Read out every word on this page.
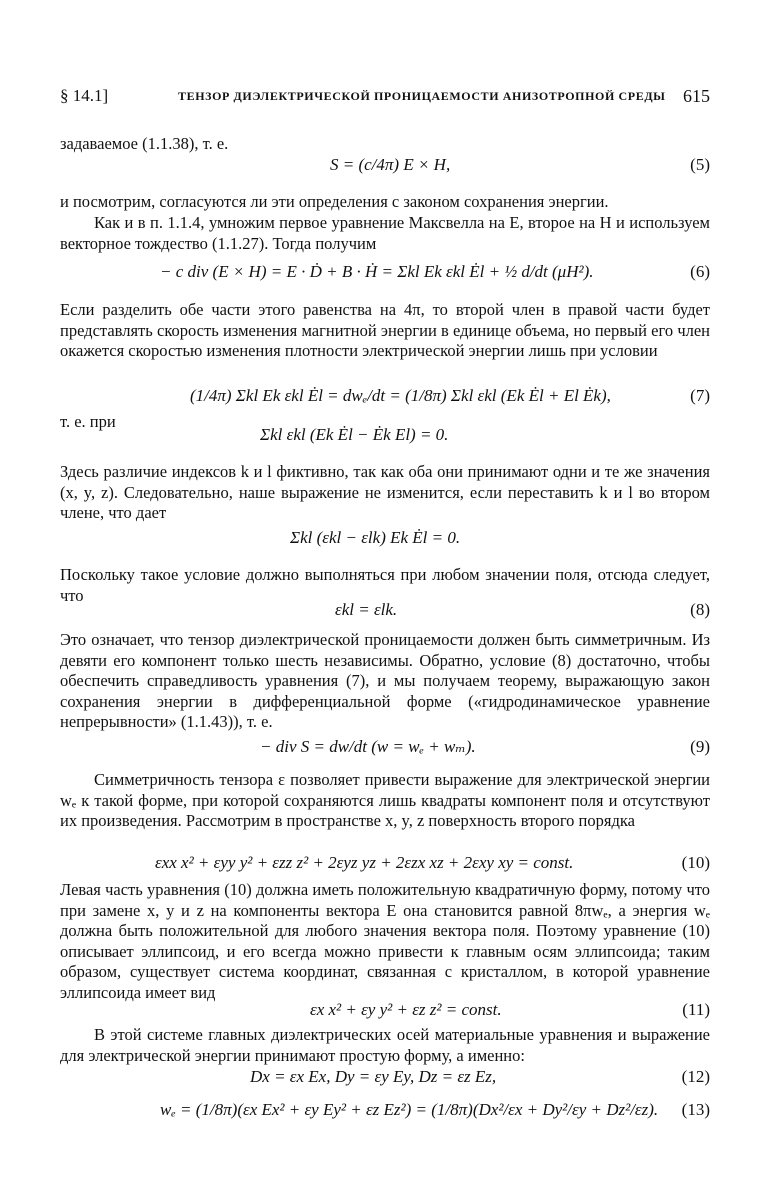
§ 14.1]	ТЕНЗОР ДИЭЛЕКТРИЧЕСКОЙ ПРОНИЦАЕМОСТИ АНИЗОТРОПНОЙ СРЕДЫ 615
задаваемое (1.1.38), т. е.
S = (c/4π) E × H,	(5)
и посмотрим, согласуются ли эти определения с законом сохранения энергии.
Как и в п. 1.1.4, умножим первое уравнение Максвелла на E, второе на H и используем векторное тождество (1.1.27). Тогда получим
− c div (E × H) = E · Ḋ + B · Ḣ = Σkl Ek εkl Ėl + ½ d/dt (μH²).	(6)
Если разделить обе части этого равенства на 4π, то второй член в правой части будет представлять скорость изменения магнитной энергии в единице объема, но первый его член окажется скоростью изменения плотности электрической энергии лишь при условии
(1/4π) Σkl Ek εkl Ėl = dwₑ/dt = (1/8π) Σkl εkl (Ek Ėl + El Ėk),	(7)
т. е. при
Σkl εkl (Ek Ėl − Ėk El) = 0.
Здесь различие индексов k и l фиктивно, так как оба они принимают одни и те же значения (x, y, z). Следовательно, наше выражение не изменится, если переставить k и l во втором члене, что дает
Σkl (εkl − εlk) Ek Ėl = 0.
Поскольку такое условие должно выполняться при любом значении поля, отсюда следует, что
εkl = εlk.	(8)
Это означает, что тензор диэлектрической проницаемости должен быть симметричным. Из девяти его компонент только шесть независимы. Обратно, условие (8) достаточно, чтобы обеспечить справедливость уравнения (7), и мы получаем теорему, выражающую закон сохранения энергии в дифференциальной форме («гидродинамическое уравнение непрерывности» (1.1.43)), т. е.
− div S = dw/dt (w = wₑ + wₘ).	(9)
Симметричность тензора ε позволяет привести выражение для электрической энергии wₑ к такой форме, при которой сохраняются лишь квадраты компонент поля и отсутствуют их произведения. Рассмотрим в пространстве x, y, z поверхность второго порядка
εxx x² + εyy y² + εzz z² + 2εyz yz + 2εzx xz + 2εxy xy = const.	(10)
Левая часть уравнения (10) должна иметь положительную квадратичную форму, потому что при замене x, y и z на компоненты вектора E она становится равной 8πwₑ, а энергия wₑ должна быть положительной для любого значения вектора поля. Поэтому уравнение (10) описывает эллипсоид, и его всегда можно привести к главным осям эллипсоида; таким образом, существует система координат, связанная с кристаллом, в которой уравнение эллипсоида имеет вид
εx x² + εy y² + εz z² = const.	(11)
В этой системе главных диэлектрических осей материальные уравнения и выражение для электрической энергии принимают простую форму, а именно:
Dx = εx Ex, Dy = εy Ey, Dz = εz Ez,	(12)
wₑ = (1/8π)(εx Ex² + εy Ey² + εz Ez²) = (1/8π)(Dx²/εx + Dy²/εy + Dz²/εz). (13)
